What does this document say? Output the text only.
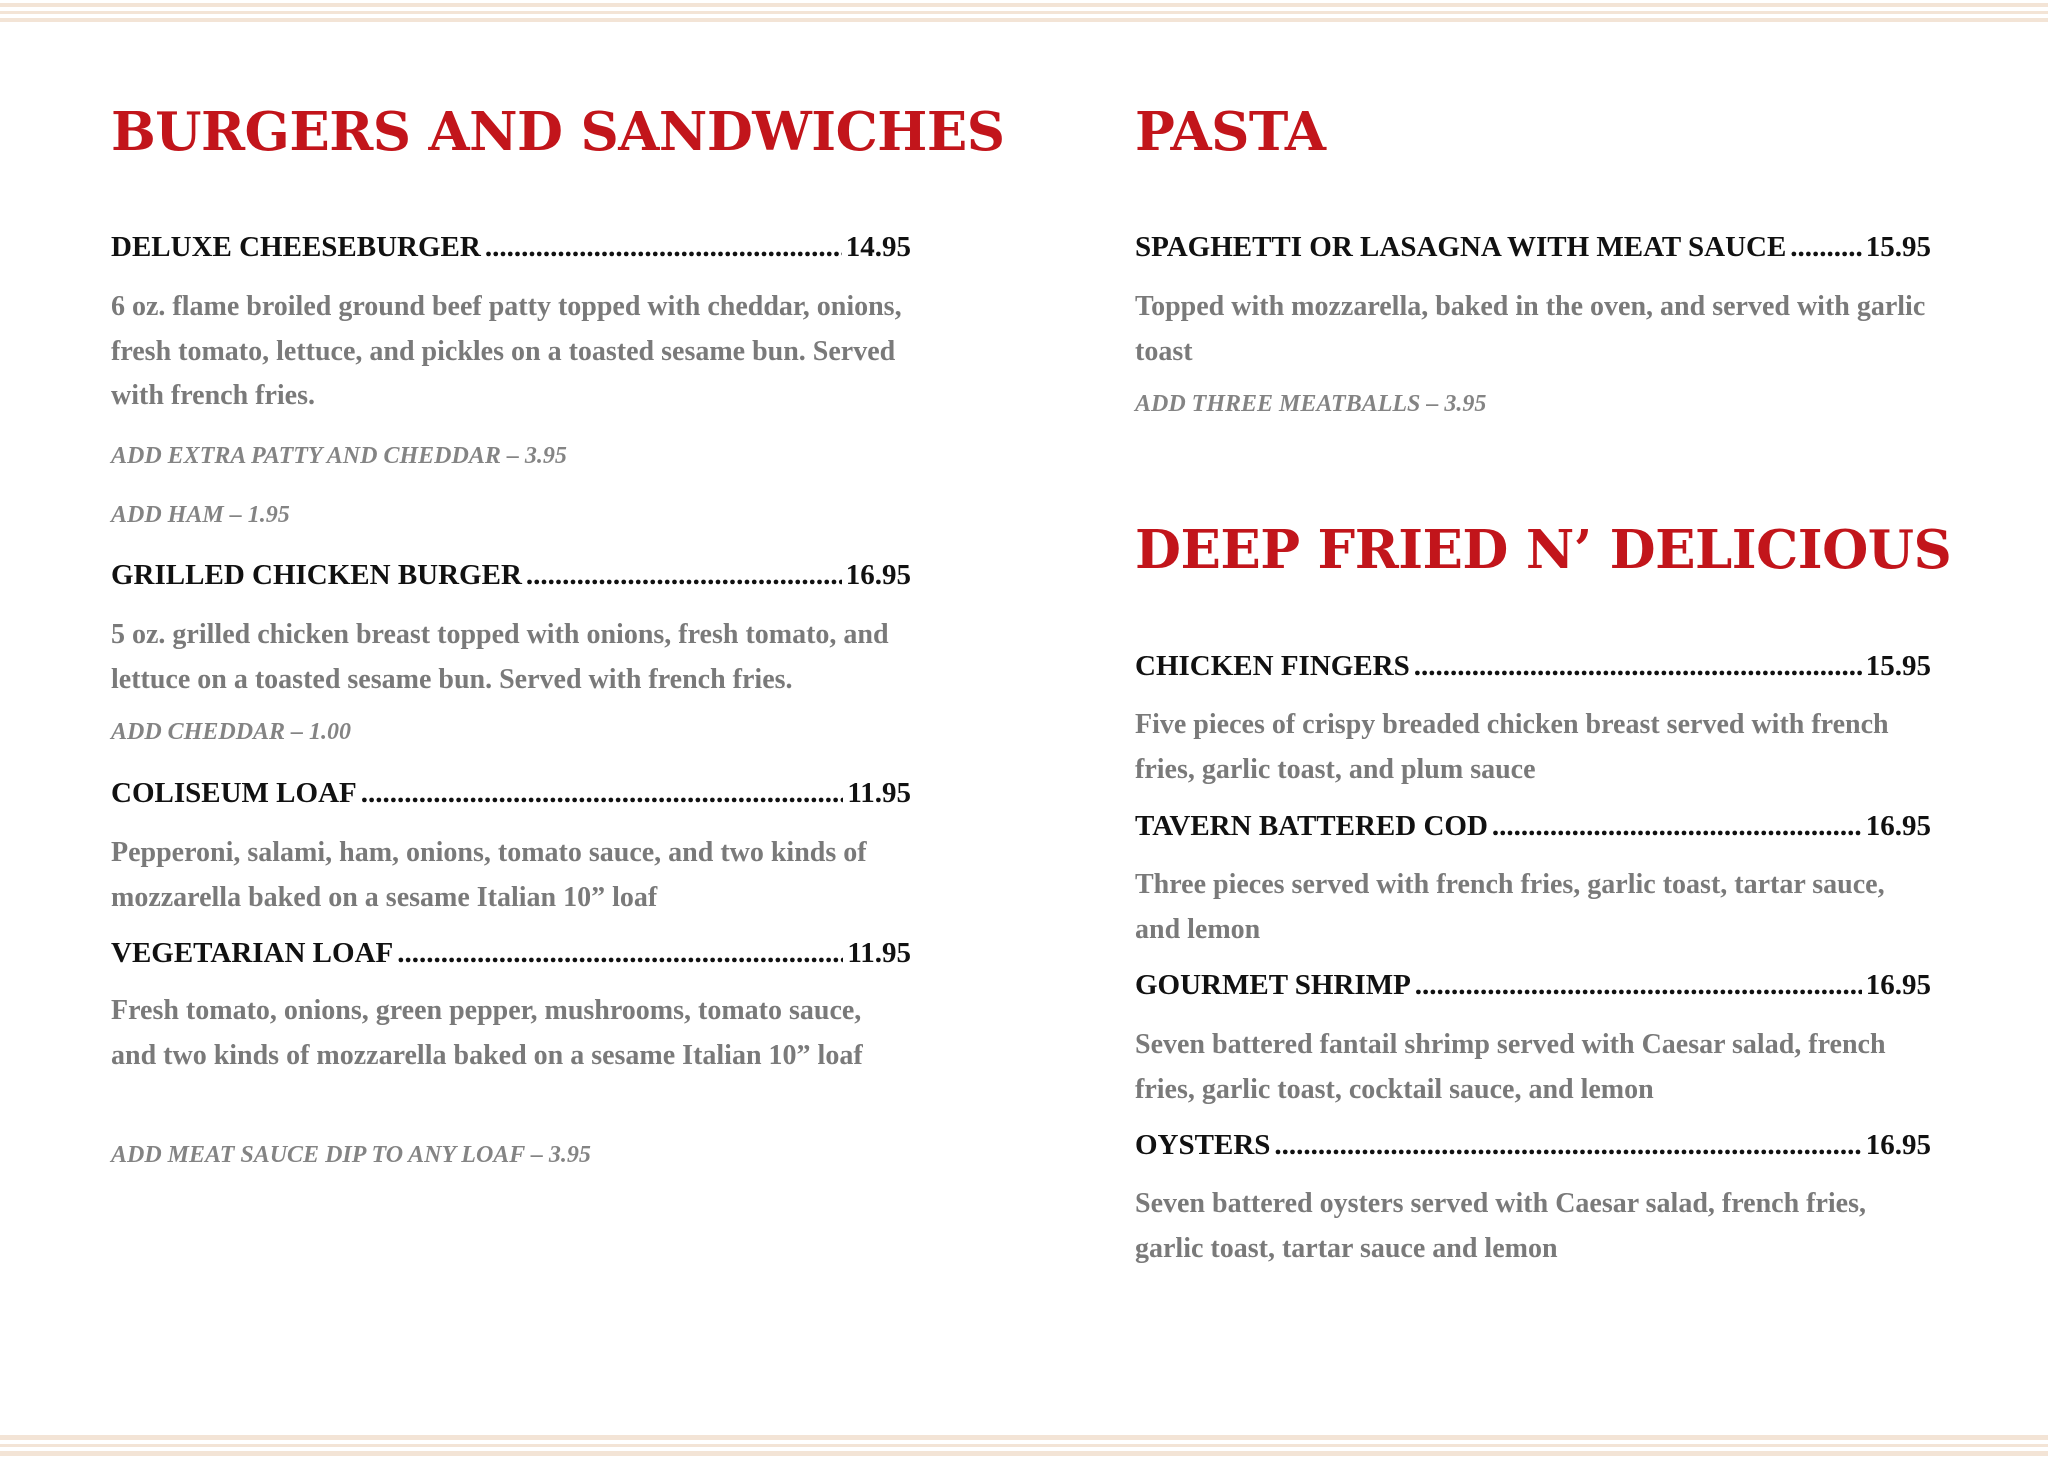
BURGERS AND SANDWICHES
DELUXE CHEESEBURGER .....	14.95

6 oz. flame broiled ground beef patty topped with cheddar, onions, fresh tomato, lettuce, and pickles on a toasted sesame bun. Served with french fries.

ADD EXTRA PATTY AND CHEDDAR – 3.95

ADD HAM – 1.95

GRILLED CHICKEN BURGER .....	16.95

5 oz. grilled chicken breast topped with onions, fresh tomato, and lettuce on a toasted sesame bun. Served with french fries.

ADD CHEDDAR – 1.00

COLISEUM LOAF .....	11.95

Pepperoni, salami, ham, onions, tomato sauce, and two kinds of mozzarella baked on a sesame Italian 10” loaf

VEGETARIAN LOAF .....	11.95

Fresh tomato, onions, green pepper, mushrooms, tomato sauce, and two kinds of mozzarella baked on a sesame Italian 10” loaf

ADD MEAT SAUCE DIP TO ANY LOAF – 3.95

PASTA
SPAGHETTI OR LASAGNA WITH MEAT SAUCE .....	15.95

Topped with mozzarella, baked in the oven, and served with garlic toast

ADD THREE MEATBALLS – 3.95

DEEP FRIED N’ DELICIOUS
CHICKEN FINGERS .....	15.95

Five pieces of crispy breaded chicken breast served with french fries, garlic toast, and plum sauce

TAVERN BATTERED COD .....	16.95

Three pieces served with french fries, garlic toast, tartar sauce, and lemon

GOURMET SHRIMP .....	16.95

Seven battered fantail shrimp served with Caesar salad, french fries, garlic toast, cocktail sauce, and lemon

OYSTERS .....	16.95

Seven battered oysters served with Caesar salad, french fries, garlic toast, tartar sauce and lemon
